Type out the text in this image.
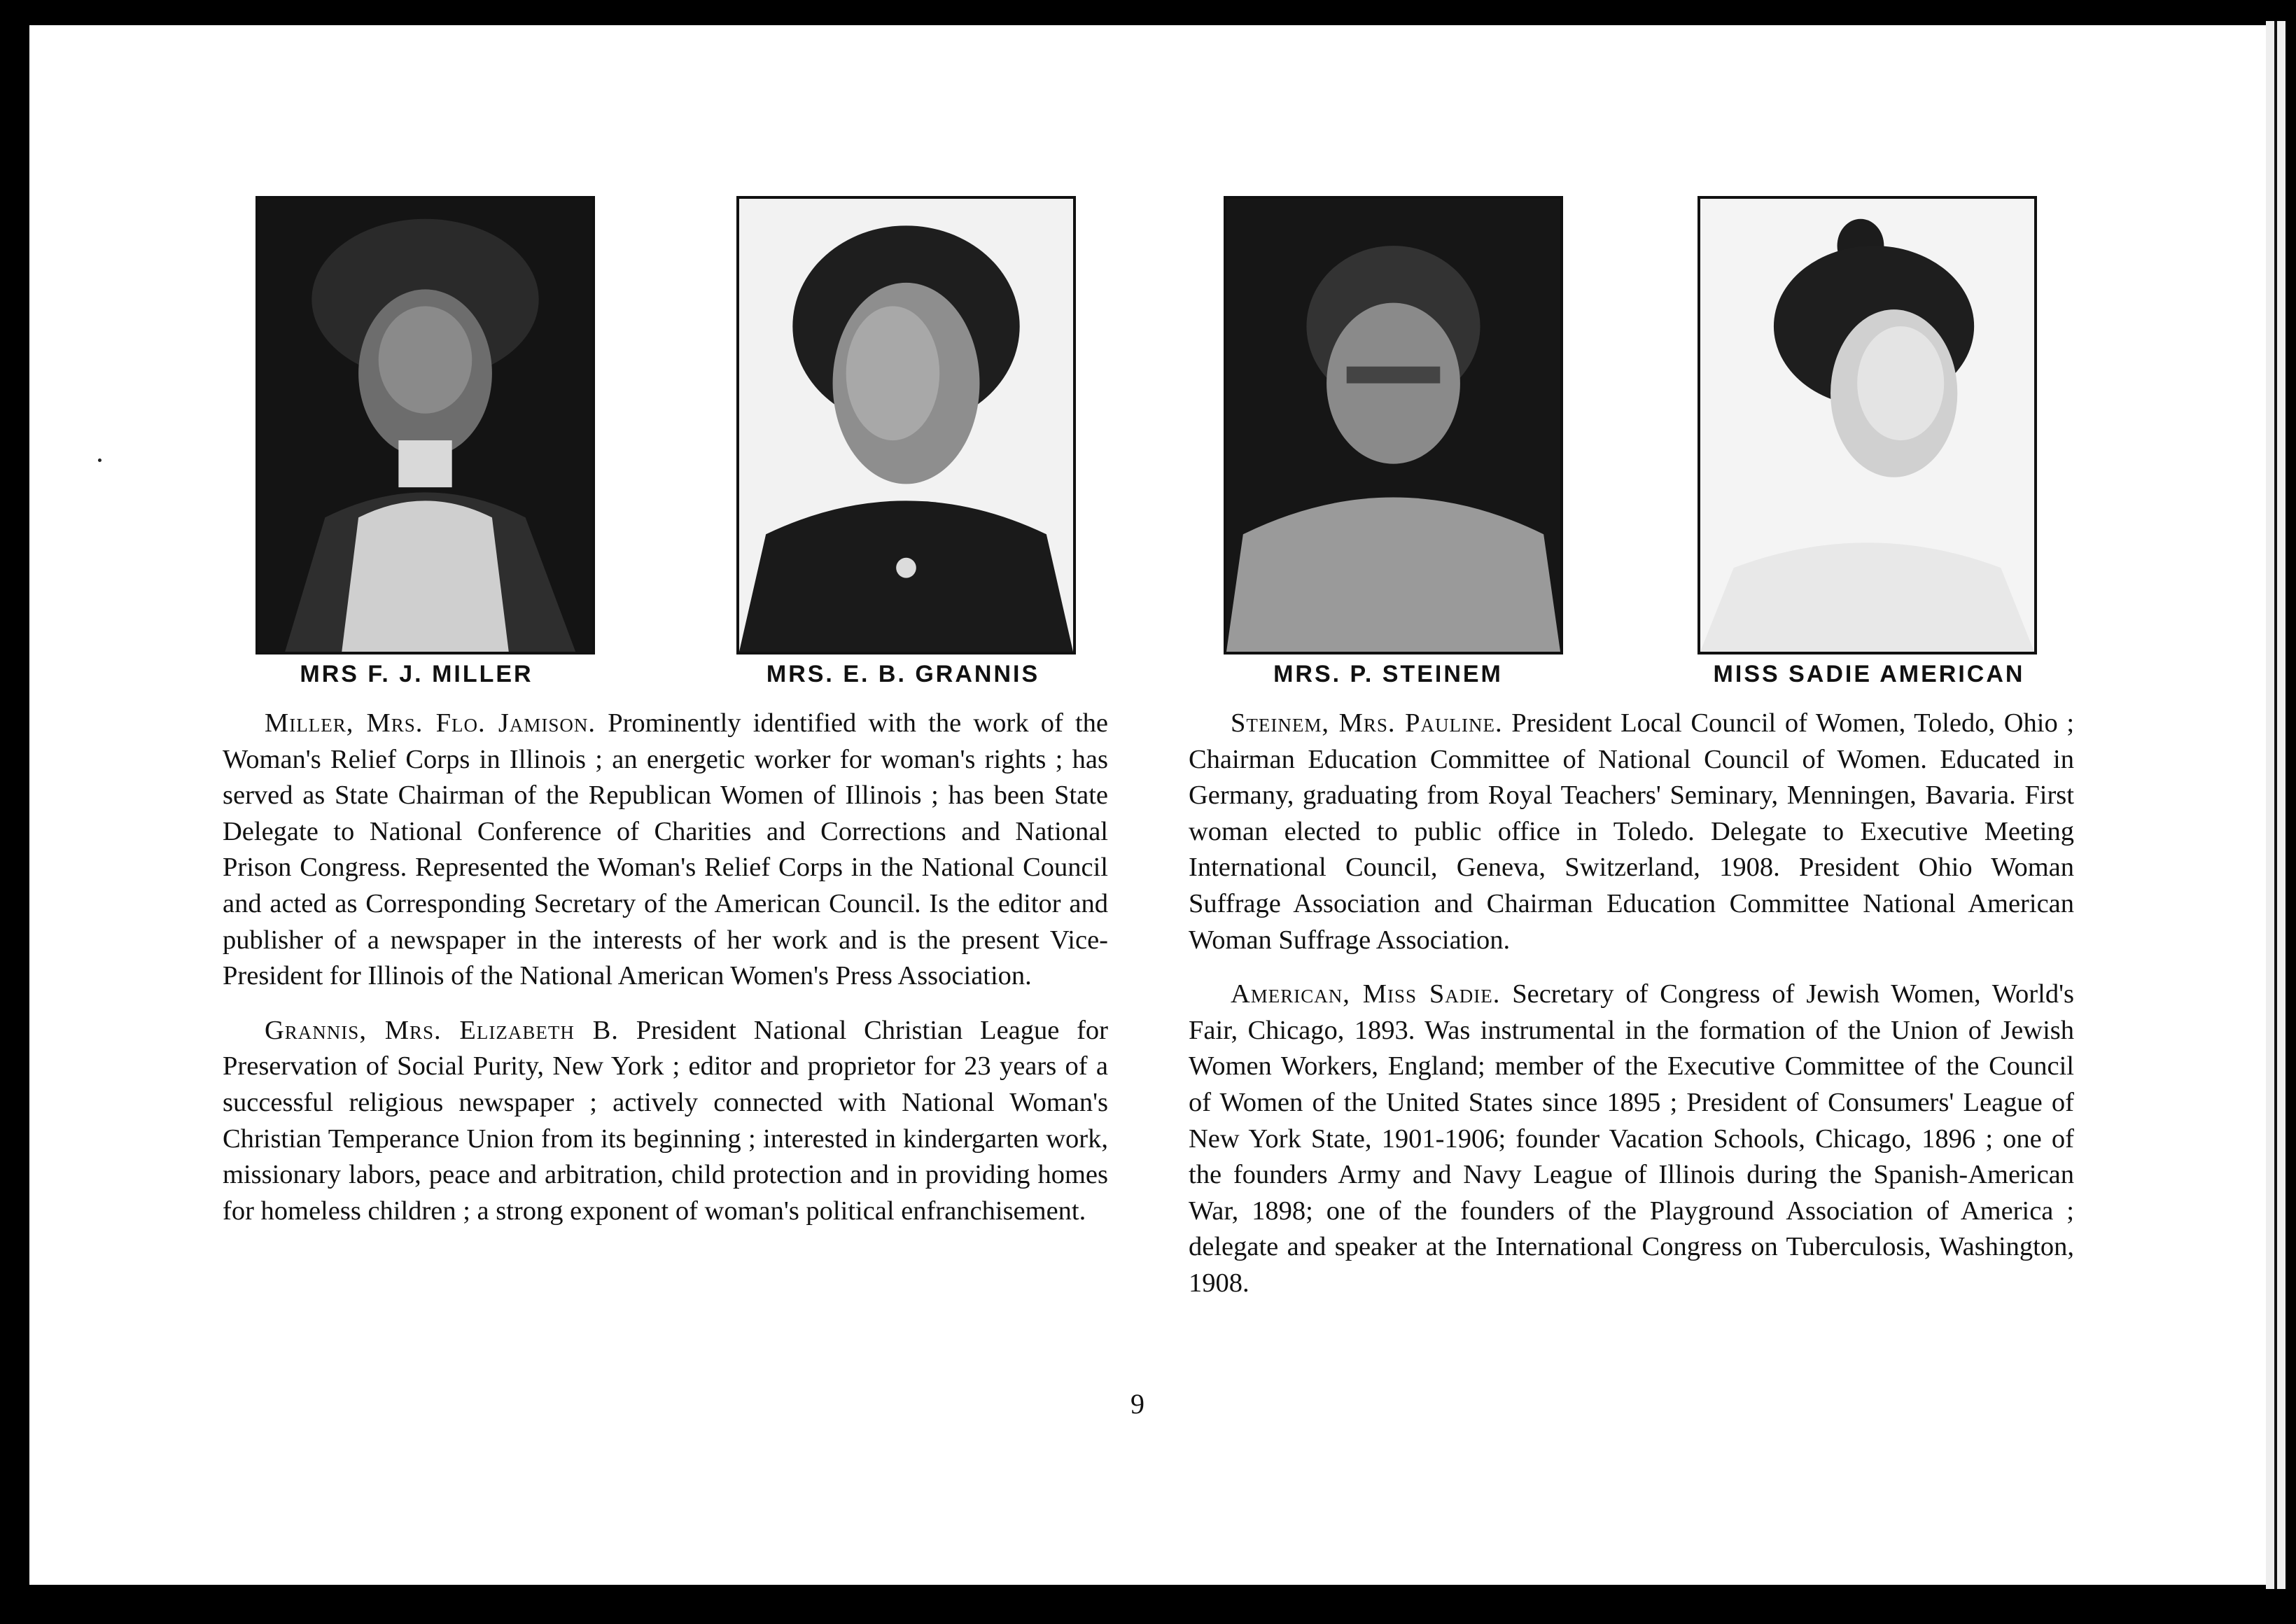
MRS F. J. MILLER	MRS. E. B. GRANNIS	MRS. P. STEINEM	MISS SADIE AMERICAN

Miller, Mrs. Flo. Jamison. Prominently identified with the work of the Woman's Relief Corps in Illinois ; an energetic worker for woman's rights ; has served as State Chairman of the Republican Women of Illinois ; has been State Delegate to National Conference of Charities and Corrections and National Prison Congress. Represented the Woman's Relief Corps in the National Council and acted as Corresponding Secretary of the American Council. Is the editor and publisher of a newspaper in the interests of her work and is the present Vice-President for Illinois of the National American Women's Press Association.

Grannis, Mrs. Elizabeth B. President National Christian League for Preservation of Social Purity, New York ; editor and proprietor for 23 years of a successful religious newspaper ; actively connected with National Woman's Christian Temperance Union from its beginning ; interested in kindergarten work, missionary labors, peace and arbitration, child protection and in providing homes for homeless children ; a strong exponent of woman's political enfranchisement.

Steinem, Mrs. Pauline. President Local Council of Women, Toledo, Ohio ; Chairman Education Committee of National Council of Women. Educated in Germany, graduating from Royal Teachers' Seminary, Menningen, Bavaria. First woman elected to public office in Toledo. Delegate to Executive Meeting International Council, Geneva, Switzerland, 1908. President Ohio Woman Suffrage Association and Chairman Education Committee National American Woman Suffrage Association.

American, Miss Sadie. Secretary of Congress of Jewish Women, World's Fair, Chicago, 1893. Was instrumental in the formation of the Union of Jewish Women Workers, England; member of the Executive Committee of the Council of Women of the United States since 1895 ; President of Consumers' League of New York State, 1901-1906; founder Vacation Schools, Chicago, 1896 ; one of the founders Army and Navy League of Illinois during the Spanish-American War, 1898; one of the founders of the Playground Association of America ; delegate and speaker at the International Congress on Tuberculosis, Washington, 1908.

9
